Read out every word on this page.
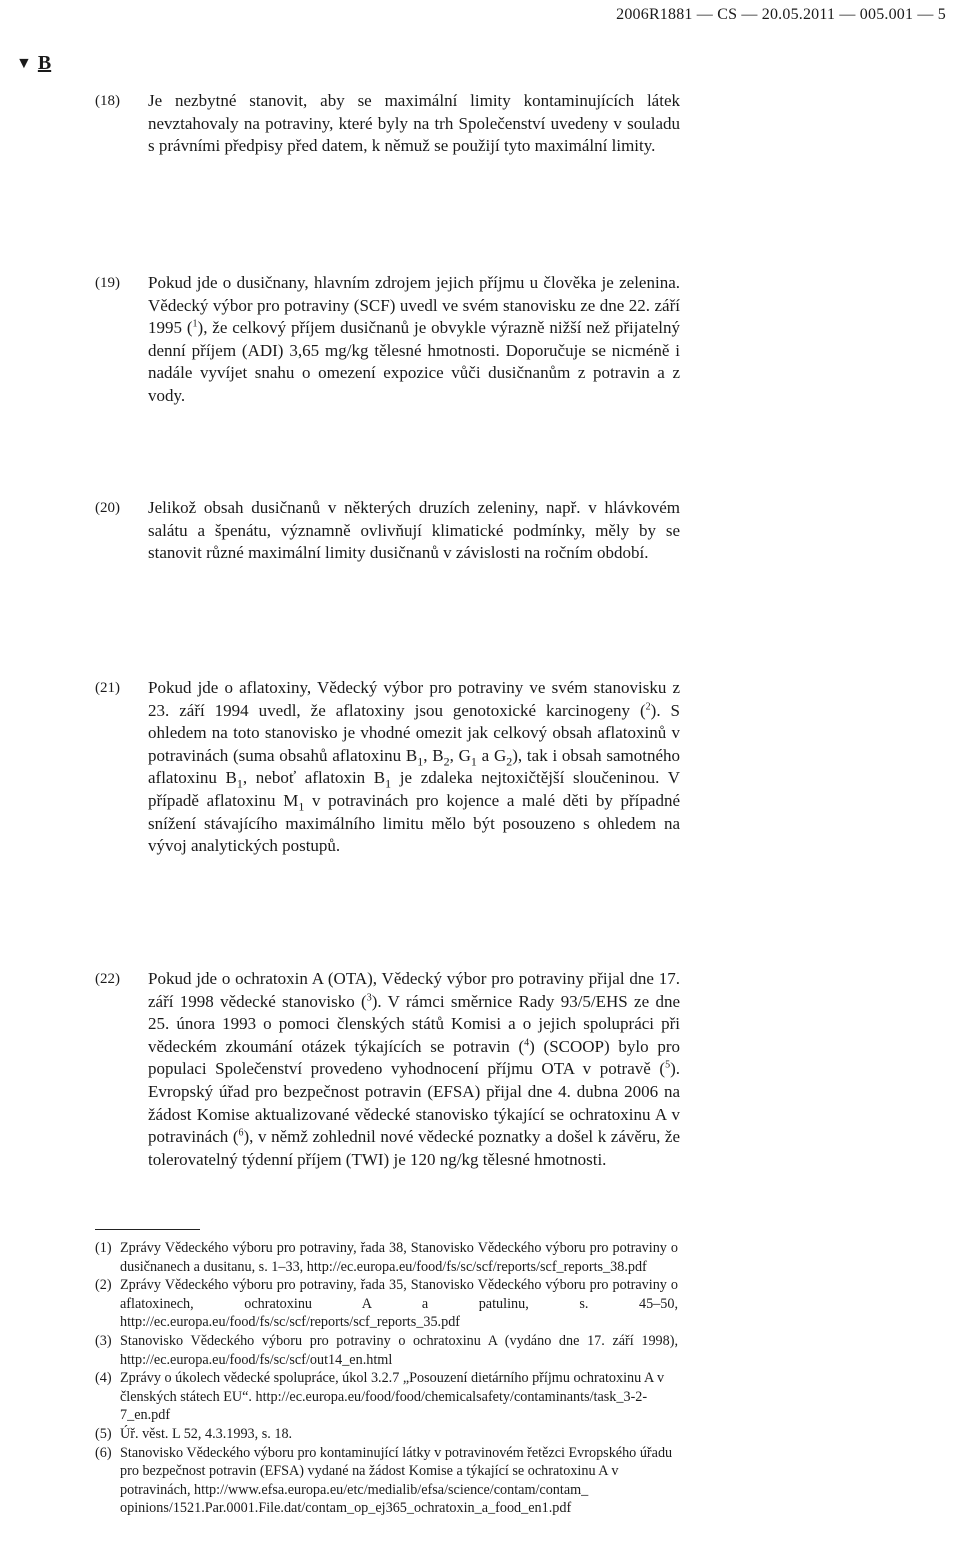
2006R1881 — CS — 20.05.2011 — 005.001 — 5
▼ B
(18)	Je nezbytné stanovit, aby se maximální limity kontaminujících látek nevztahovaly na potraviny, které byly na trh Společenství uvedeny v souladu s právními předpisy před datem, k němuž se použijí tyto maximální limity.
(19)	Pokud jde o dusičnany, hlavním zdrojem jejich příjmu u člověka je zelenina. Vědecký výbor pro potraviny (SCF) uvedl ve svém stanovisku ze dne 22. září 1995 ($^1$), že celkový příjem dusičnanů je obvykle výrazně nižší než přijatelný denní příjem (ADI) 3,65 mg/kg tělesné hmotnosti. Doporučuje se nicméně i nadále vyvíjet snahu o omezení expozice vůči dusičnanům z potravin a z vody.
(20)	Jelikož obsah dusičnanů v některých druzích zeleniny, např. v hlávkovém salátu a špenátu, významně ovlivňují klimatické podmínky, měly by se stanovit různé maximální limity dusičnanů v závislosti na ročním období.
(21)	Pokud jde o aflatoxiny, Vědecký výbor pro potraviny ve svém stanovisku z 23. září 1994 uvedl, že aflatoxiny jsou genotoxické karcinogeny ($^2$). S ohledem na toto stanovisko je vhodné omezit jak celkový obsah aflatoxinů v potravinách (suma obsahů aflatoxinu $B_1$, $B_2$, $G_1$ a $G_2$), tak i obsah samotného aflatoxinu $B_1$, neboť aflatoxin $B_1$ je zdaleka nejtoxičtější sloučeninou. V případě aflatoxinu $M_1$ v potravinách pro kojence a malé děti by případné snížení stávajícího maximálního limitu mělo být posouzeno s ohledem na vývoj analytických postupů.
(22)	Pokud jde o ochratoxin A (OTA), Vědecký výbor pro potraviny přijal dne 17. září 1998 vědecké stanovisko ($^3$). V rámci směrnice Rady 93/5/EHS ze dne 25. února 1993 o pomoci členských států Komisi a o jejich spolupráci při vědeckém zkoumání otázek týkajících se potravin ($^4$) (SCOOP) bylo pro populaci Společenství provedeno vyhodnocení příjmu OTA v potravě ($^5$). Evropský úřad pro bezpečnost potravin (EFSA) přijal dne 4. dubna 2006 na žádost Komise aktualizované vědecké stanovisko týkající se ochratoxinu A v potravinách ($^6$), v němž zohlednil nové vědecké poznatky a došel k závěru, že tolerovatelný týdenní příjem (TWI) je 120 ng/kg tělesné hmotnosti.
(1) Zprávy Vědeckého výboru pro potraviny, řada 38, Stanovisko Vědeckého výboru pro potraviny o dusičnanech a dusitanu, s. 1–33, http://ec.europa.eu/food/fs/sc/scf/reports/scf_reports_38.pdf
(2) Zprávy Vědeckého výboru pro potraviny, řada 35, Stanovisko Vědeckého výboru pro potraviny o aflatoxinech, ochratoxinu A a patulinu, s. 45–50, http://ec.europa.eu/food/fs/sc/scf/reports/scf_reports_35.pdf
(3) Stanovisko Vědeckého výboru pro potraviny o ochratoxinu A (vydáno dne 17. září 1998), http://ec.europa.eu/food/fs/sc/scf/out14_en.html
(4) Zprávy o úkolech vědecké spolupráce, úkol 3.2.7 „Posouzení dietárního příjmu ochratoxinu A v členských státech EU“. http://ec.europa.eu/food/food/chemicalsafety/contaminants/task_3-2-7_en.pdf
(5) Úř. věst. L 52, 4.3.1993, s. 18.
(6) Stanovisko Vědeckého výboru pro kontaminující látky v potravinovém řetězci Evropského úřadu pro bezpečnost potravin (EFSA) vydané na žádost Komise a týkající se ochratoxinu A v potravinách, http://www.efsa.europa.eu/etc/medialib/efsa/science/contam/contam_ opinions/1521.Par.0001.File.dat/contam_op_ej365_ochratoxin_a_food_en1.pdf
